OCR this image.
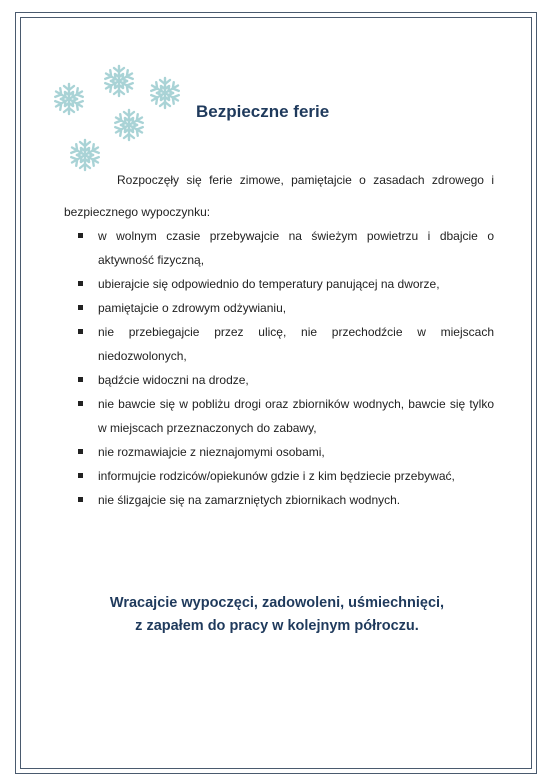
Bezpieczne ferie

Rozpoczęły się ferie zimowe, pamiętajcie o zasadach zdrowego i bezpiecznego wypoczynku:

w wolnym czasie przebywajcie na świeżym powietrzu i dbajcie o aktywność fizyczną,
ubierajcie się odpowiednio do temperatury panującej na dworze,
pamiętajcie o zdrowym odżywianiu,
nie przebiegajcie przez ulicę, nie przechodźcie w miejscach niedozwolonych,
bądźcie widoczni na drodze,
nie bawcie się w pobliżu drogi oraz zbiorników wodnych, bawcie się tylko w miejscach przeznaczonych do zabawy,
nie rozmawiajcie z nieznajomymi osobami,
informujcie rodziców/opiekunów gdzie i z kim będziecie przebywać,
nie ślizgajcie się na zamarzniętych zbiornikach wodnych.
Wracajcie wypoczęci, zadowoleni, uśmiechnięci,
z zapałem do pracy w kolejnym półroczu.
